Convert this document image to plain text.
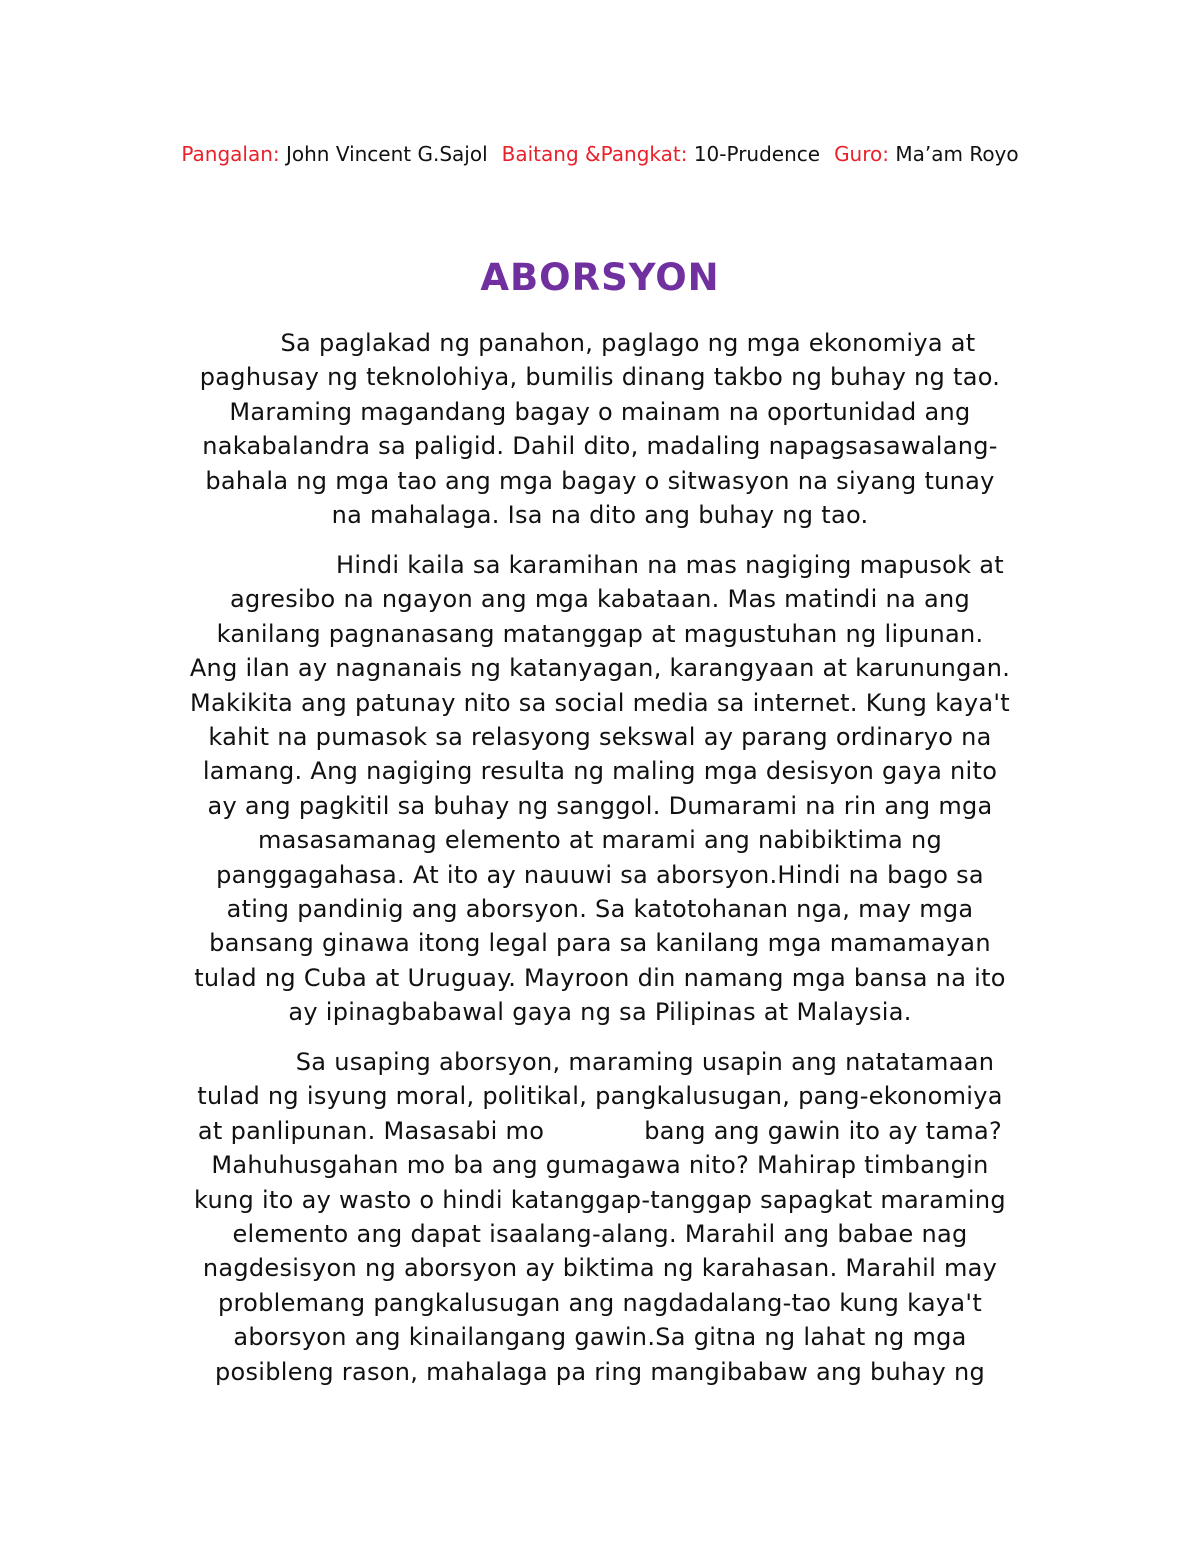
Pangalan: John Vincent G.Sajol Baitang &Pangkat: 10-Prudence Guro: Ma’am Royo
ABORSYON

Sa paglakad ng panahon, paglago ng mga ekonomiya at
paghusay ng teknolohiya, bumilis dinang takbo ng buhay ng tao.
Maraming magandang bagay o mainam na oportunidad ang
nakabalandra sa paligid. Dahil dito, madaling napagsasawalang-
bahala ng mga tao ang mga bagay o sitwasyon na siyang tunay
na mahalaga. Isa na dito ang buhay ng tao.

Hindi kaila sa karamihan na mas nagiging mapusok at
agresibo na ngayon ang mga kabataan. Mas matindi na ang
kanilang pagnanasang matanggap at magustuhan ng lipunan.
Ang ilan ay nagnanais ng katanyagan, karangyaan at karunungan.
Makikita ang patunay nito sa social media sa internet. Kung kaya't
kahit na pumasok sa relasyong sekswal ay parang ordinaryo na
lamang. Ang nagiging resulta ng maling mga desisyon gaya nito
ay ang pagkitil sa buhay ng sanggol. Dumarami na rin ang mga
masasamanag elemento at marami ang nabibiktima ng
panggagahasa. At ito ay nauuwi sa aborsyon.Hindi na bago sa
ating pandinig ang aborsyon. Sa katotohanan nga, may mga
bansang ginawa itong legal para sa kanilang mga mamamayan
tulad ng Cuba at Uruguay. Mayroon din namang mga bansa na ito
ay ipinagbabawal gaya ng sa Pilipinas at Malaysia.

Sa usaping aborsyon, maraming usapin ang natatamaan
tulad ng isyung moral, politikal, pangkalusugan, pang-ekonomiya
at panlipunan. Masasabi mo	bang ang gawin ito ay tama?
Mahuhusgahan mo ba ang gumagawa nito? Mahirap timbangin
kung ito ay wasto o hindi katanggap-tanggap sapagkat maraming
elemento ang dapat isaalang-alang. Marahil ang babae nag
nagdesisyon ng aborsyon ay biktima ng karahasan. Marahil may
problemang pangkalusugan ang nagdadalang-tao kung kaya't
aborsyon ang kinailangang gawin.Sa gitna ng lahat ng mga
posibleng rason, mahalaga pa ring mangibabaw ang buhay ng
